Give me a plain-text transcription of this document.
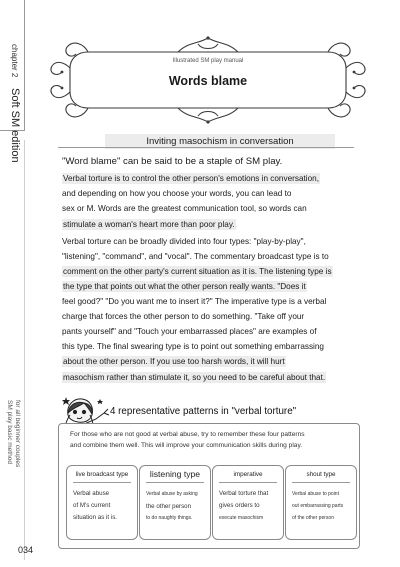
chapter 2
Soft SM edition
SM play basic method for all beginner couples
Illustrated SM play manual
Words blame
Inviting masochism in conversation
"Word blame" can be said to be a staple of SM play.
Verbal torture is to control the other person's emotions in conversation,
and depending on how you choose your words, you can lead to
sex or M. Words are the greatest communication tool, so words can
stimulate a woman's heart more than poor play.
Verbal torture can be broadly divided into four types: "play-by-play",
"listening", "command", and "vocal". The commentary broadcast type is to
comment on the other party's current situation as it is. The listening type is
the type that points out what the other person really wants. "Does it
feel good?" "Do you want me to insert it?" The imperative type is a verbal
charge that forces the other person to do something. "Take off your
pants yourself" and "Touch your embarrassed places" are examples of
this type. The final swearing type is to point out something embarrassing
about the other person. If you use too harsh words, it will hurt
masochism rather than stimulate it, so you need to be careful about that.
4 representative patterns in "verbal torture"
For those who are not good at verbal abuse, try to remember these four patterns
and combine them well. This will improve your communication skills during play.
live broadcast type
Verbal abuse
of M's current
situation as it is.
listening type
Verbal abuse by asking
the other person
to do naughty things.
imperative
Verbal torture that
gives orders to
execute masochism
shout type
Verbal abuse to point
out embarrassing parts
of the other person
034
